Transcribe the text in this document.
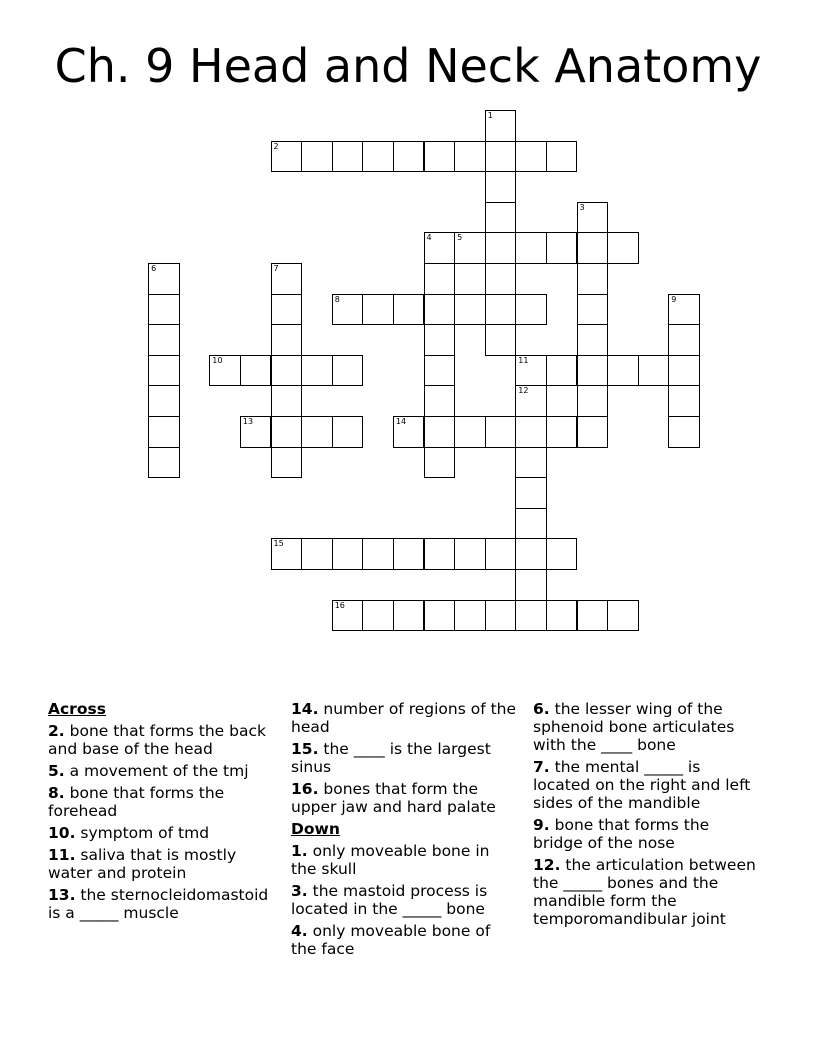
Ch. 9 Head and Neck Anatomy
1
2
3
4	5
6	7
8	9
10	11
12
13	14
15
16
Across
2. bone that forms the back and base of the head
5. a movement of the tmj
8. bone that forms the forehead
10. symptom of tmd
11. saliva that is mostly water and protein
13. the sternocleidomastoid is a _____ muscle
14. number of regions of the head
15. the ____ is the largest sinus
16. bones that form the upper jaw and hard palate
Down
1. only moveable bone in the skull
3. the mastoid process is located in the _____ bone
4. only moveable bone of the face
6. the lesser wing of the sphenoid bone articulates with the ____ bone
7. the mental _____ is located on the right and left sides of the mandible
9. bone that forms the bridge of the nose
12. the articulation between the _____ bones and the mandible form the temporomandibular joint
